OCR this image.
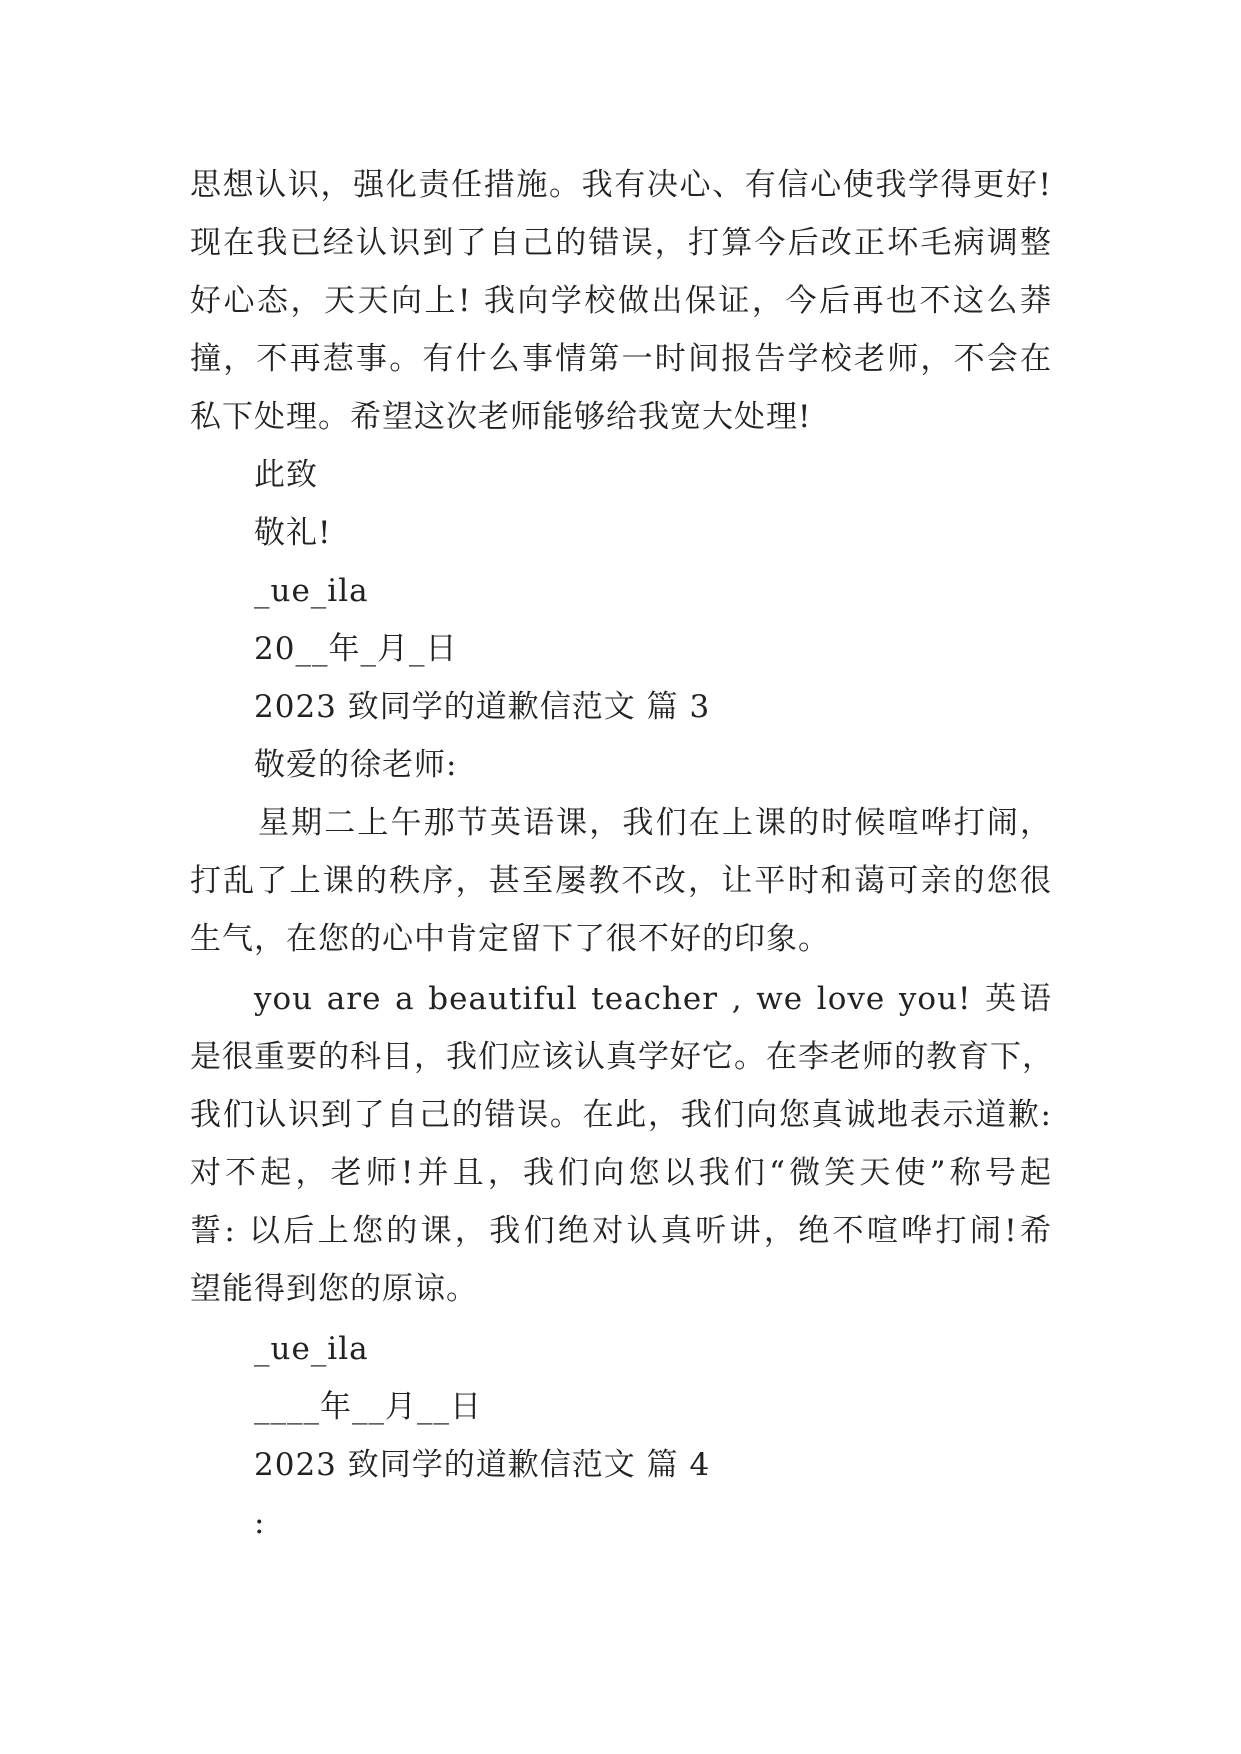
思想认识，强化责任措施。我有决心、有信心使我学得更好!
现在我已经认识到了自己的错误，打算今后改正坏毛病调整
好心态，天天向上! 我向学校做出保证，今后再也不这么莽
撞，不再惹事。有什么事情第一时间报告学校老师，不会在
私下处理。希望这次老师能够给我宽大处理!
此致
敬礼!
_ue_ila
20__年_月_日
2023 致同学的道歉信范文 篇 3
敬爱的徐老师:
星期二上午那节英语课，我们在上课的时候喧哗打闹，
打乱了上课的秩序，甚至屡教不改，让平时和蔼可亲的您很
生气，在您的心中肯定留下了很不好的印象。
you are a beautiful teacher , we love you! 英语
是很重要的科目，我们应该认真学好它。在李老师的教育下，
我们认识到了自己的错误。在此，我们向您真诚地表示道歉:
对不起，老师!并且，我们向您以我们“微笑天使”称号起
誓: 以后上您的课，我们绝对认真听讲，绝不喧哗打闹!希
望能得到您的原谅。
_ue_ila
____年__月__日
2023 致同学的道歉信范文 篇 4
:
